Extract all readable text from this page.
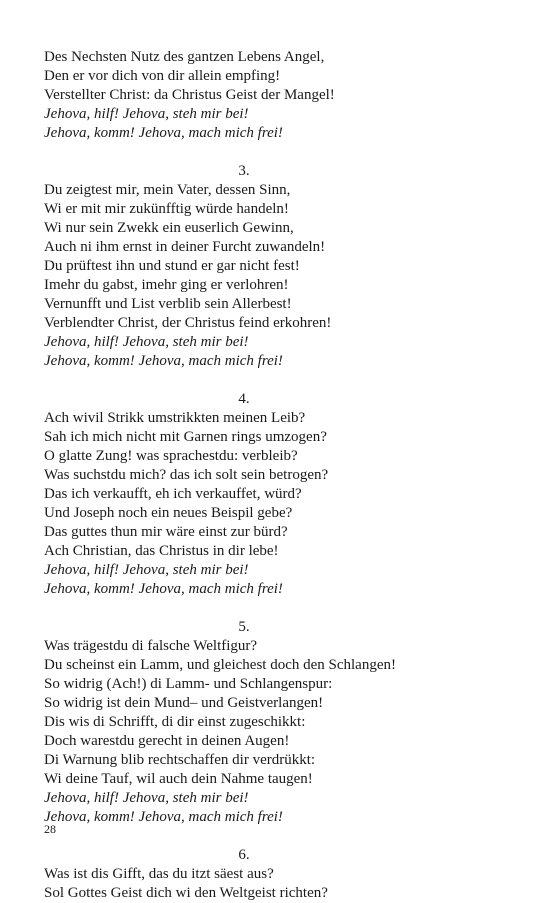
Des Nechsten Nutz des gantzen Lebens Angel,
Den er vor dich von dir allein empfing!
Verstellter Christ: da Christus Geist der Mangel!
Jehova, hilf! Jehova, steh mir bei!
Jehova, komm! Jehova, mach mich frei!
3.
Du zeigtest mir, mein Vater, dessen Sinn,
Wi er mit mir zukünfftig würde handeln!
Wi nur sein Zwekk ein euserlich Gewinn,
Auch ni ihm ernst in deiner Furcht zuwandeln!
Du prüftest ihn und stund er gar nicht fest!
Imehr du gabst, imehr ging er verlohren!
Vernunfft und List verblib sein Allerbest!
Verblendter Christ, der Christus feind erkohren!
Jehova, hilf! Jehova, steh mir bei!
Jehova, komm! Jehova, mach mich frei!
4.
Ach wivil Strikk umstrikkten meinen Leib?
Sah ich mich nicht mit Garnen rings umzogen?
O glatte Zung! was sprachestdu: verbleib?
Was suchstdu mich? das ich solt sein betrogen?
Das ich verkaufft, eh ich verkauffet, würd?
Und Joseph noch ein neues Beispil gebe?
Das guttes thun mir wäre einst zur bürd?
Ach Christian, das Christus in dir lebe!
Jehova, hilf! Jehova, steh mir bei!
Jehova, komm! Jehova, mach mich frei!
5.
Was trägestdu di falsche Weltfigur?
Du scheinst ein Lamm, und gleichest doch den Schlangen!
So widrig (Ach!) di Lamm- und Schlangenspur:
So widrig ist dein Mund– und Geistverlangen!
Dis wis di Schrifft, di dir einst zugeschikkt:
Doch warestdu gerecht in deinen Augen!
Di Warnung blib rechtschaffen dir verdrükkt:
Wi deine Tauf, wil auch dein Nahme taugen!
Jehova, hilf! Jehova, steh mir bei!
Jehova, komm! Jehova, mach mich frei!
6.
Was ist dis Gifft, das du itzt säest aus?
Sol Gottes Geist dich wi den Weltgeist richten?
28
